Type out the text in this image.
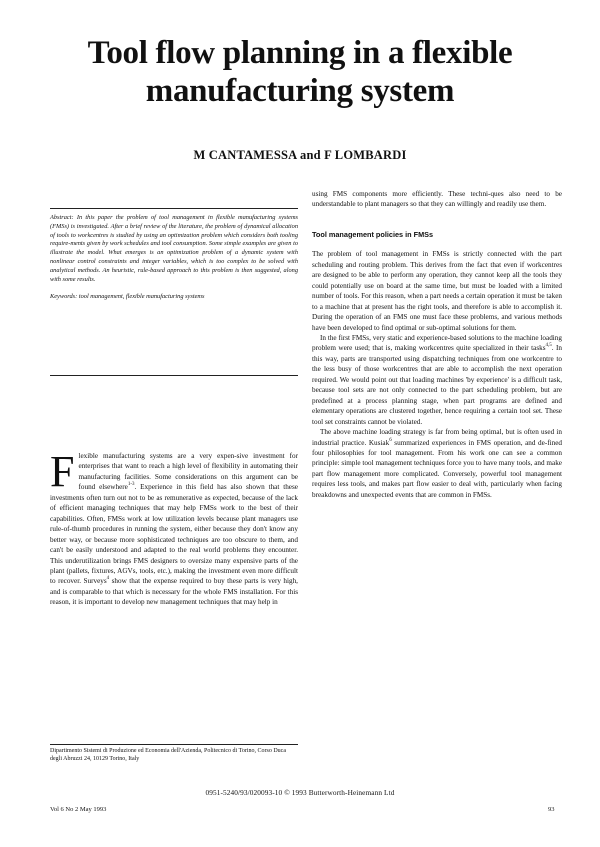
Tool flow planning in a flexible
manufacturing system
M CANTAMESSA and F LOMBARDI

Abstract: In this paper the problem of tool management in flexible manufacturing systems (FMSs) is investigated. After a brief review of the literature, the problem of dynamical allocation of tools to workcentres is studied by using an optimization problem which considers both tooling require-ments given by work schedules and tool consumption. Some simple examples are given to illustrate the model. What emerges is an optimization problem of a dynamic system with nonlinear control constraints and integer variables, which is too complex to be solved with analytical methods. An heuristic, rule-based approach to this problem is then suggested, along with some results.

Keywords: tool management, flexible manufacturing systems

Flexible manufacturing systems are a very expen-sive investment for enterprises that want to reach a high level of flexibility in automating their manufacturing facilities. Some considerations on this argument can be found elsewhere$^{1-3}$. Experience in this field has also shown that these investments often turn out not to be as remunerative as expected, because of the lack of efficient managing techniques that may help FMSs work to the best of their capabilities. Often, FMSs work at low utilization levels because plant managers use rule-of-thumb procedures in running the system, either because they don't know any better way, or because more sophisticated techniques are too obscure to them, and can't be easily understood and adapted to the real world problems they encounter. This underutilization brings FMS designers to oversize many expensive parts of the plant (pallets, fixtures, AGVs, tools, etc.), making the investment even more difficult to recover. Surveys$^4$ show that the expense required to buy these parts is very high, and is comparable to that which is necessary for the whole FMS installation. For this reason, it is important to develop new management techniques that may help in

Dipartimento Sistemi di Produzione ed Economia dell'Azienda, Politecnico di Torino, Corso Duca degli Abruzzi 24, 10129 Torino, Italy

using FMS components more efficiently. These techni-ques also need to be understandable to plant managers so that they can willingly and readily use them.

Tool management policies in FMSs

The problem of tool management in FMSs is strictly connected with the part scheduling and routing problem. This derives from the fact that even if workcentres are designed to be able to perform any operation, they cannot keep all the tools they could potentially use on board at the same time, but must be loaded with a limited number of tools. For this reason, when a part needs a certain operation it must be taken to a machine that at present has the right tools, and therefore is able to accomplish it. During the operation of an FMS one must face these problems, and various methods have been developed to find optimal or sub-optimal solutions for them.

In the first FMSs, very static and experience-based solutions to the machine loading problem were used; that is, making workcentres quite specialized in their tasks$^{4,5}$. In this way, parts are transported using dispatching techniques from one workcentre to the less busy of those workcentres that are able to accomplish the next operation required. We would point out that loading machines 'by experience' is a difficult task, because tool sets are not only connected to the part scheduling problem, but are predefined at a process planning stage, when part programs are defined and elementary operations are clustered together, hence requiring a certain tool set. These tool set constraints cannot be violated.

The above machine loading strategy is far from being optimal, but is often used in industrial practice. Kusiak$^6$ summarized experiences in FMS operation, and de-fined four philosophies for tool management. From his work one can see a common principle: simple tool management techniques force you to have many tools, and make part flow management more complicated. Conversely, powerful tool management requires less tools, and makes part flow easier to deal with, particularly when facing breakdowns and unexpected events that are common in FMSs.

0951-5240/93/020093-10 © 1993 Butterworth-Heinemann Ltd
Vol 6 No 2 May 1993	93
